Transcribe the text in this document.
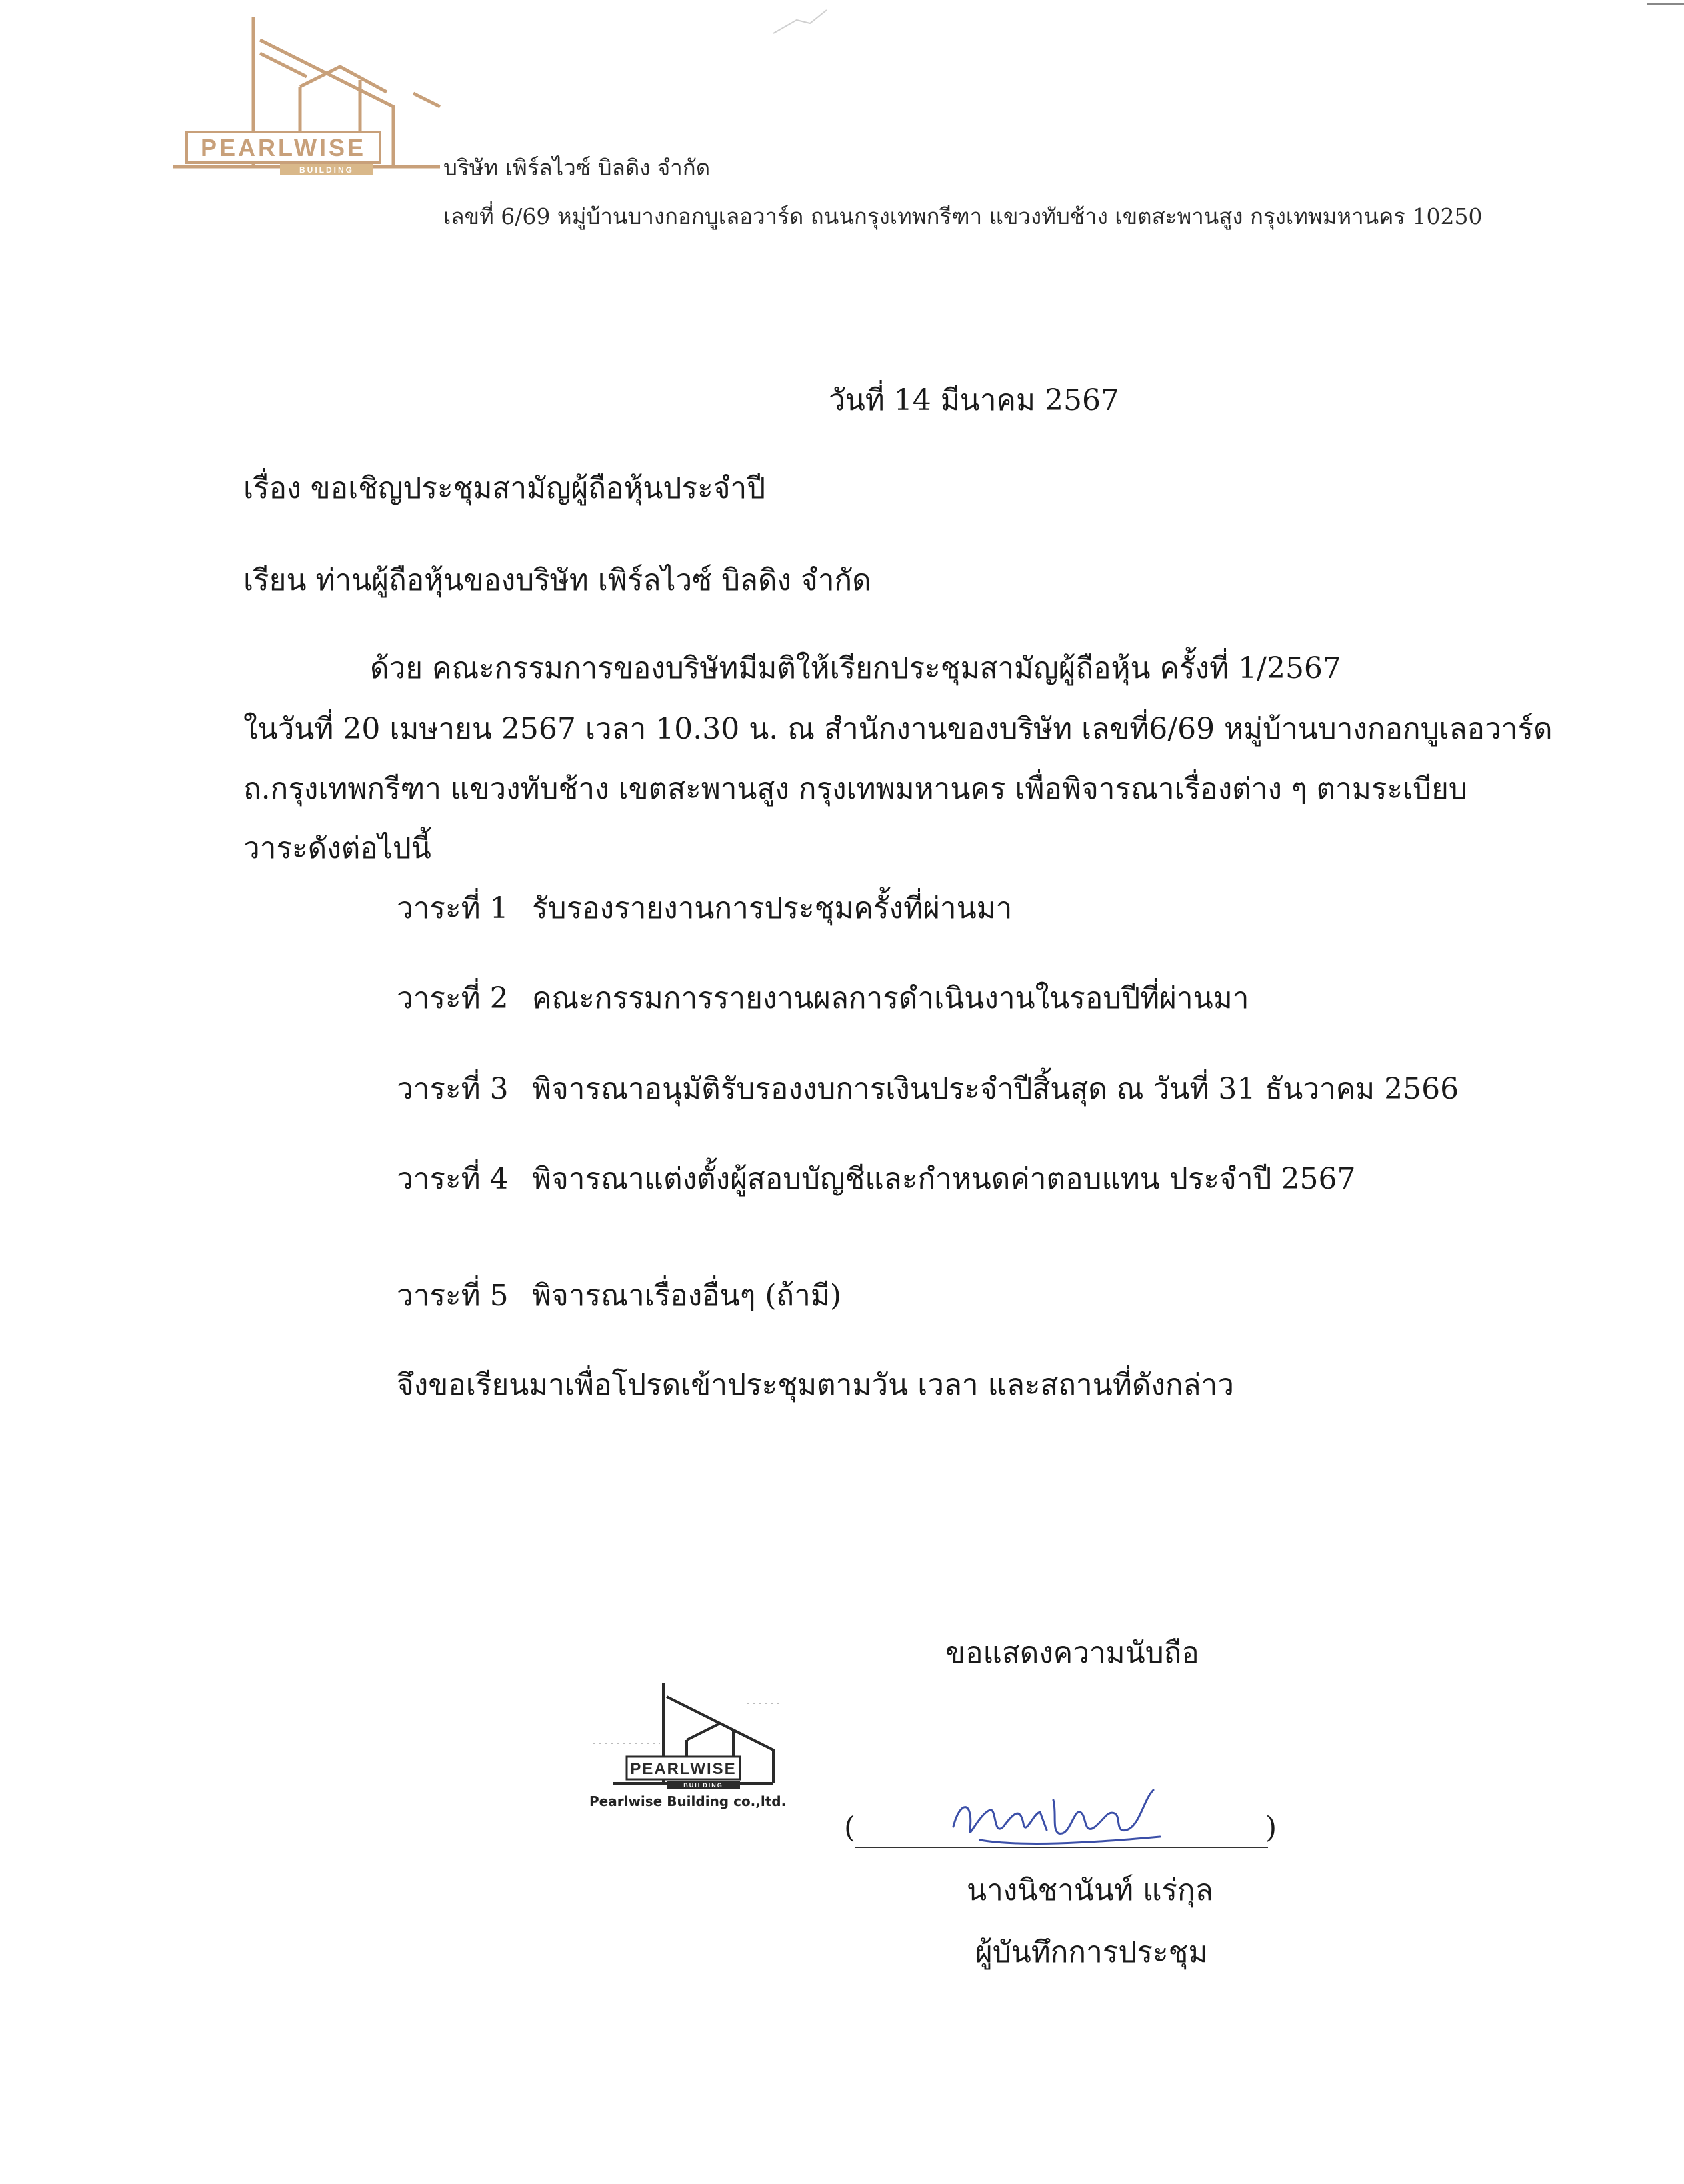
PEARLWISE
BUILDING	บริษัท เพิร์ลไวซ์ บิลดิง จำกัด
เลขที่ 6/69 หมู่บ้านบางกอกบูเลอวาร์ด ถนนกรุงเทพกรีฑา แขวงทับช้าง เขตสะพานสูง กรุงเทพมหานคร 10250
วันที่ 14 มีนาคม 2567
เรื่อง ขอเชิญประชุมสามัญผู้ถือหุ้นประจำปี
เรียน ท่านผู้ถือหุ้นของบริษัท เพิร์ลไวซ์ บิลดิง จำกัด
ด้วย คณะกรรมการของบริษัทมีมติให้เรียกประชุมสามัญผู้ถือหุ้น ครั้งที่ 1/2567
ในวันที่ 20 เมษายน 2567 เวลา 10.30 น. ณ สำนักงานของบริษัท เลขที่6/69 หมู่บ้านบางกอกบูเลอวาร์ด
ถ.กรุงเทพกรีฑา แขวงทับช้าง เขตสะพานสูง กรุงเทพมหานคร เพื่อพิจารณาเรื่องต่าง ๆ ตามระเบียบ
วาระดังต่อไปนี้
วาระที่ 1 รับรองรายงานการประชุมครั้งที่ผ่านมา
วาระที่ 2 คณะกรรมการรายงานผลการดำเนินงานในรอบปีที่ผ่านมา
วาระที่ 3 พิจารณาอนุมัติรับรองงบการเงินประจำปีสิ้นสุด ณ วันที่ 31 ธันวาคม 2566
วาระที่ 4 พิจารณาแต่งตั้งผู้สอบบัญชีและกำหนดค่าตอบแทน ประจำปี 2567
วาระที่ 5 พิจารณาเรื่องอื่นๆ (ถ้ามี)
จึงขอเรียนมาเพื่อโปรดเข้าประชุมตามวัน เวลา และสถานที่ดังกล่าว
ขอแสดงความนับถือ
PEARLWISE
BUILDING
Pearlwise Building co.,ltd.
(	)
นางนิชานันท์ แร่กุล
ผู้บันทึกการประชุม
